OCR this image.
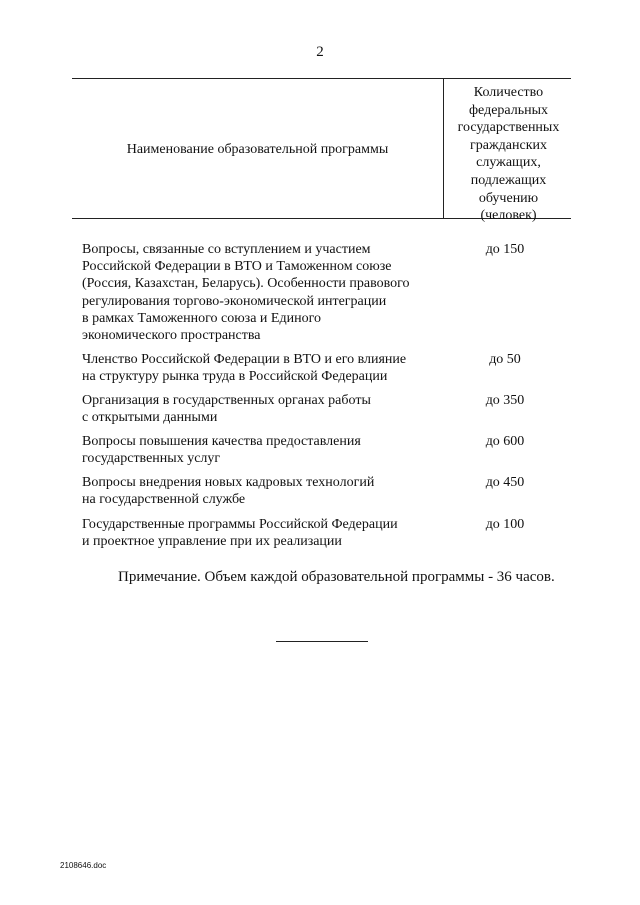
2
Наименование образовательной программы
Количество
федеральных
государственных
гражданских
служащих,
подлежащих
обучению
(человек)
Вопросы, связанные со вступлением и участием
Российской Федерации в ВТО и Таможенном союзе
(Россия, Казахстан, Беларусь). Особенности правового
регулирования торгово-экономической интеграции
в рамках Таможенного союза и Единого
экономического пространства
до 150
Членство Российской Федерации в ВТО и его влияние
на структуру рынка труда в Российской Федерации
до 50
Организация в государственных органах работы
с открытыми данными
до 350
Вопросы повышения качества предоставления
государственных услуг
до 600
Вопросы внедрения новых кадровых технологий
на государственной службе
до 450
Государственные программы Российской Федерации
и проектное управление при их реализации
до 100
Примечание. Объем каждой образовательной программы - 36 часов.
2108646.doc
